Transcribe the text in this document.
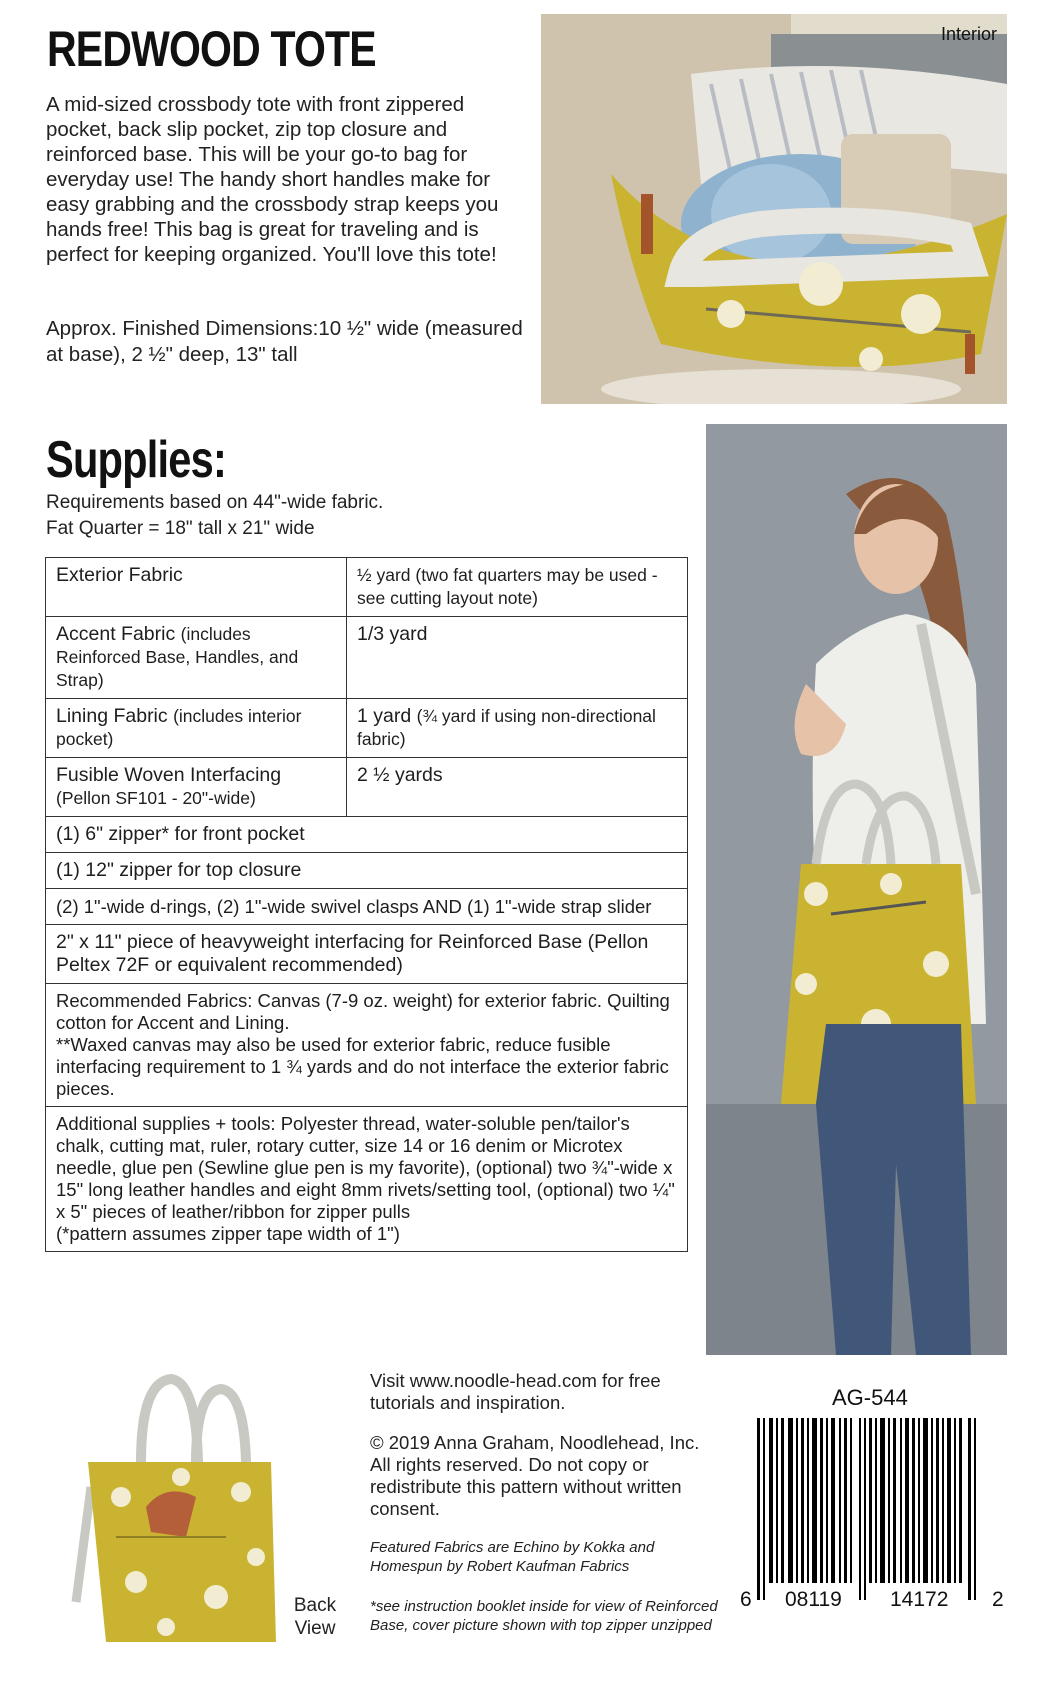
REDWOOD TOTE

A mid-sized crossbody tote with front zippered pocket, back slip pocket, zip top closure and reinforced base. This will be your go-to bag for everyday use! The handy short handles make for easy grabbing and the crossbody strap keeps you hands free! This bag is great for traveling and is perfect for keeping organized. You'll love this tote!

Approx. Finished Dimensions:10 ½" wide (measured at base), 2 ½" deep, 13" tall

Interior
Supplies:
Requirements based on 44"-wide fabric.
Fat Quarter = 18" tall x 21" wide
Exterior Fabric	½ yard (two fat quarters may be used - see cutting layout note)
Accent Fabric (includes Reinforced Base, Handles, and Strap)	1/3 yard
Lining Fabric (includes interior pocket)	1 yard (¾ yard if using non-directional fabric)

Fusible Woven Interfacing
(Pellon SF101 - 20"-wide)	2 ½ yards
(1) 6" zipper* for front pocket	
(1) 12" zipper for top closure	
(2) 1"-wide d-rings, (2) 1"-wide swivel clasps AND (1) 1"-wide strap slider	
2" x 11" piece of heavyweight interfacing for Reinforced Base (Pellon Peltex 72F or equivalent recommended)	

Recommended Fabrics: Canvas (7-9 oz. weight) for exterior fabric. Quilting cotton for Accent and Lining.
**Waxed canvas may also be used for exterior fabric, reduce fusible interfacing requirement to 1 ¾ yards and do not interface the exterior fabric pieces.	

Additional supplies + tools: Polyester thread, water-soluble pen/tailor's chalk, cutting mat, ruler, rotary cutter, size 14 or 16 denim or Microtex needle, glue pen (Sewline glue pen is my favorite), (optional) two ¾"-wide x 15" long leather handles and eight 8mm rivets/setting tool, (optional) two ¼" x 5" pieces of leather/ribbon for zipper pulls
(*pattern assumes zipper tape width of 1")	
Back View

Visit www.noodle-head.com for free tutorials and inspiration.

© 2019 Anna Graham, Noodlehead, Inc. All rights reserved. Do not copy or redistribute this pattern without written consent.

Featured Fabrics are Echino by Kokka and Homespun by Robert Kaufman Fabrics

*see instruction booklet inside for view of Reinforced Base, cover picture shown with top zipper unzipped

AG-544
6 08119 14172 2
